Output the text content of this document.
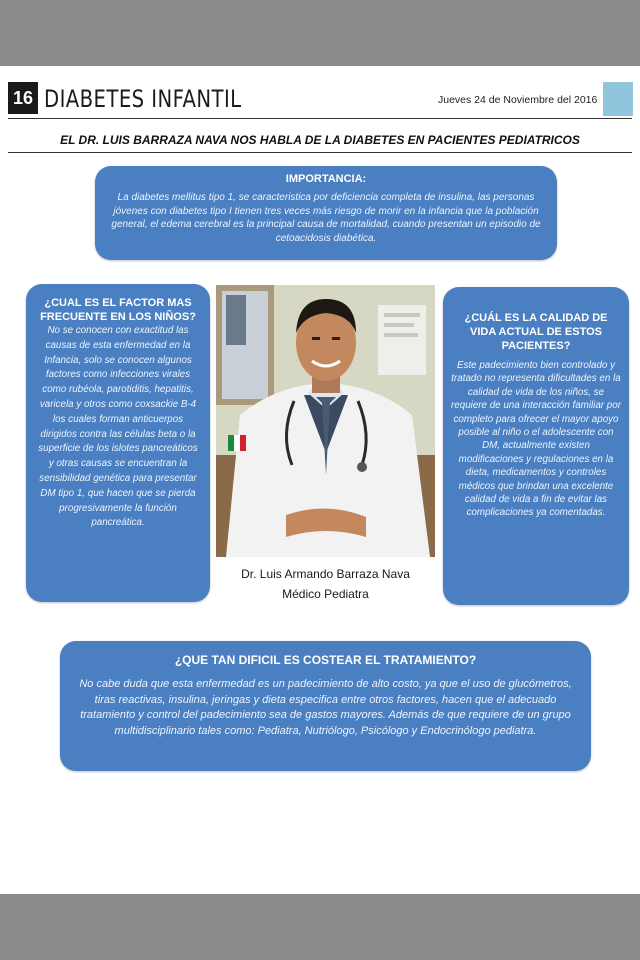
16 DIABETES INFANTIL	Jueves 24 de Noviembre del 2016
EL DR. LUIS BARRAZA NAVA NOS HABLA DE LA DIABETES EN PACIENTES PEDIATRICOS
IMPORTANCIA:
La diabetes mellitus tipo 1, se caracteristica por deficiencia completa de insulina, las personas jóvenes con diabetes tipo I tienen tres veces más riesgo de morir en la infancia que la población general, el edema cerebral es la principal causa de mortalidad, cuando presentan un episodio de cetoacidosis diabética.
¿CUAL ES EL FACTOR MAS FRECUENTE EN LOS NIÑOS?
No se conocen con exactitud las causas de esta enfermedad en la Infancia, solo se conocen algunos factores como infecciones virales como rubéola, parotiditis, hepatitis, varicela y otros como coxsackie B-4 los cuales forman anticuerpos dirigidos contra las células beta o la superficie de los islotes pancreáticos y otras causas se encuentran la sensibilidad genética para presentar DM tipo 1, que hacen que se pierda progresivamente la función pancreática.
Dr. Luis Armando Barraza Nava
Médico Pediatra
¿CUÁL ES LA CALIDAD DE VIDA ACTUAL DE ESTOS PACIENTES?
Este padecimiento bien controlado y tratado no representa dificultades en la calidad de vida de los niños, se requiere de una interacción familiar por completo para ofrecer el mayor apoyo posible al niño o el adolescente con DM, actualmente existen modificaciones y regulaciones en la dieta, medicamentos y controles médicos que brindan una excelente calidad de vida a fin de evitar las complicaciones ya comentadas.
¿QUE TAN DIFICIL ES COSTEAR EL TRATAMIENTO?
No cabe duda que esta enfermedad es un padecimiento de alto costo, ya que el uso de glucómetros, tiras reactivas, insulina, jeringas y dieta especifica entre otros factores, hacen que el adecuado tratamiento y control del padecimiento sea de gastos mayores. Además de que requiere de un grupo multidisciplinario tales como: Pediatra, Nutriólogo, Psicólogo y Endocrinólogo pediatra.
